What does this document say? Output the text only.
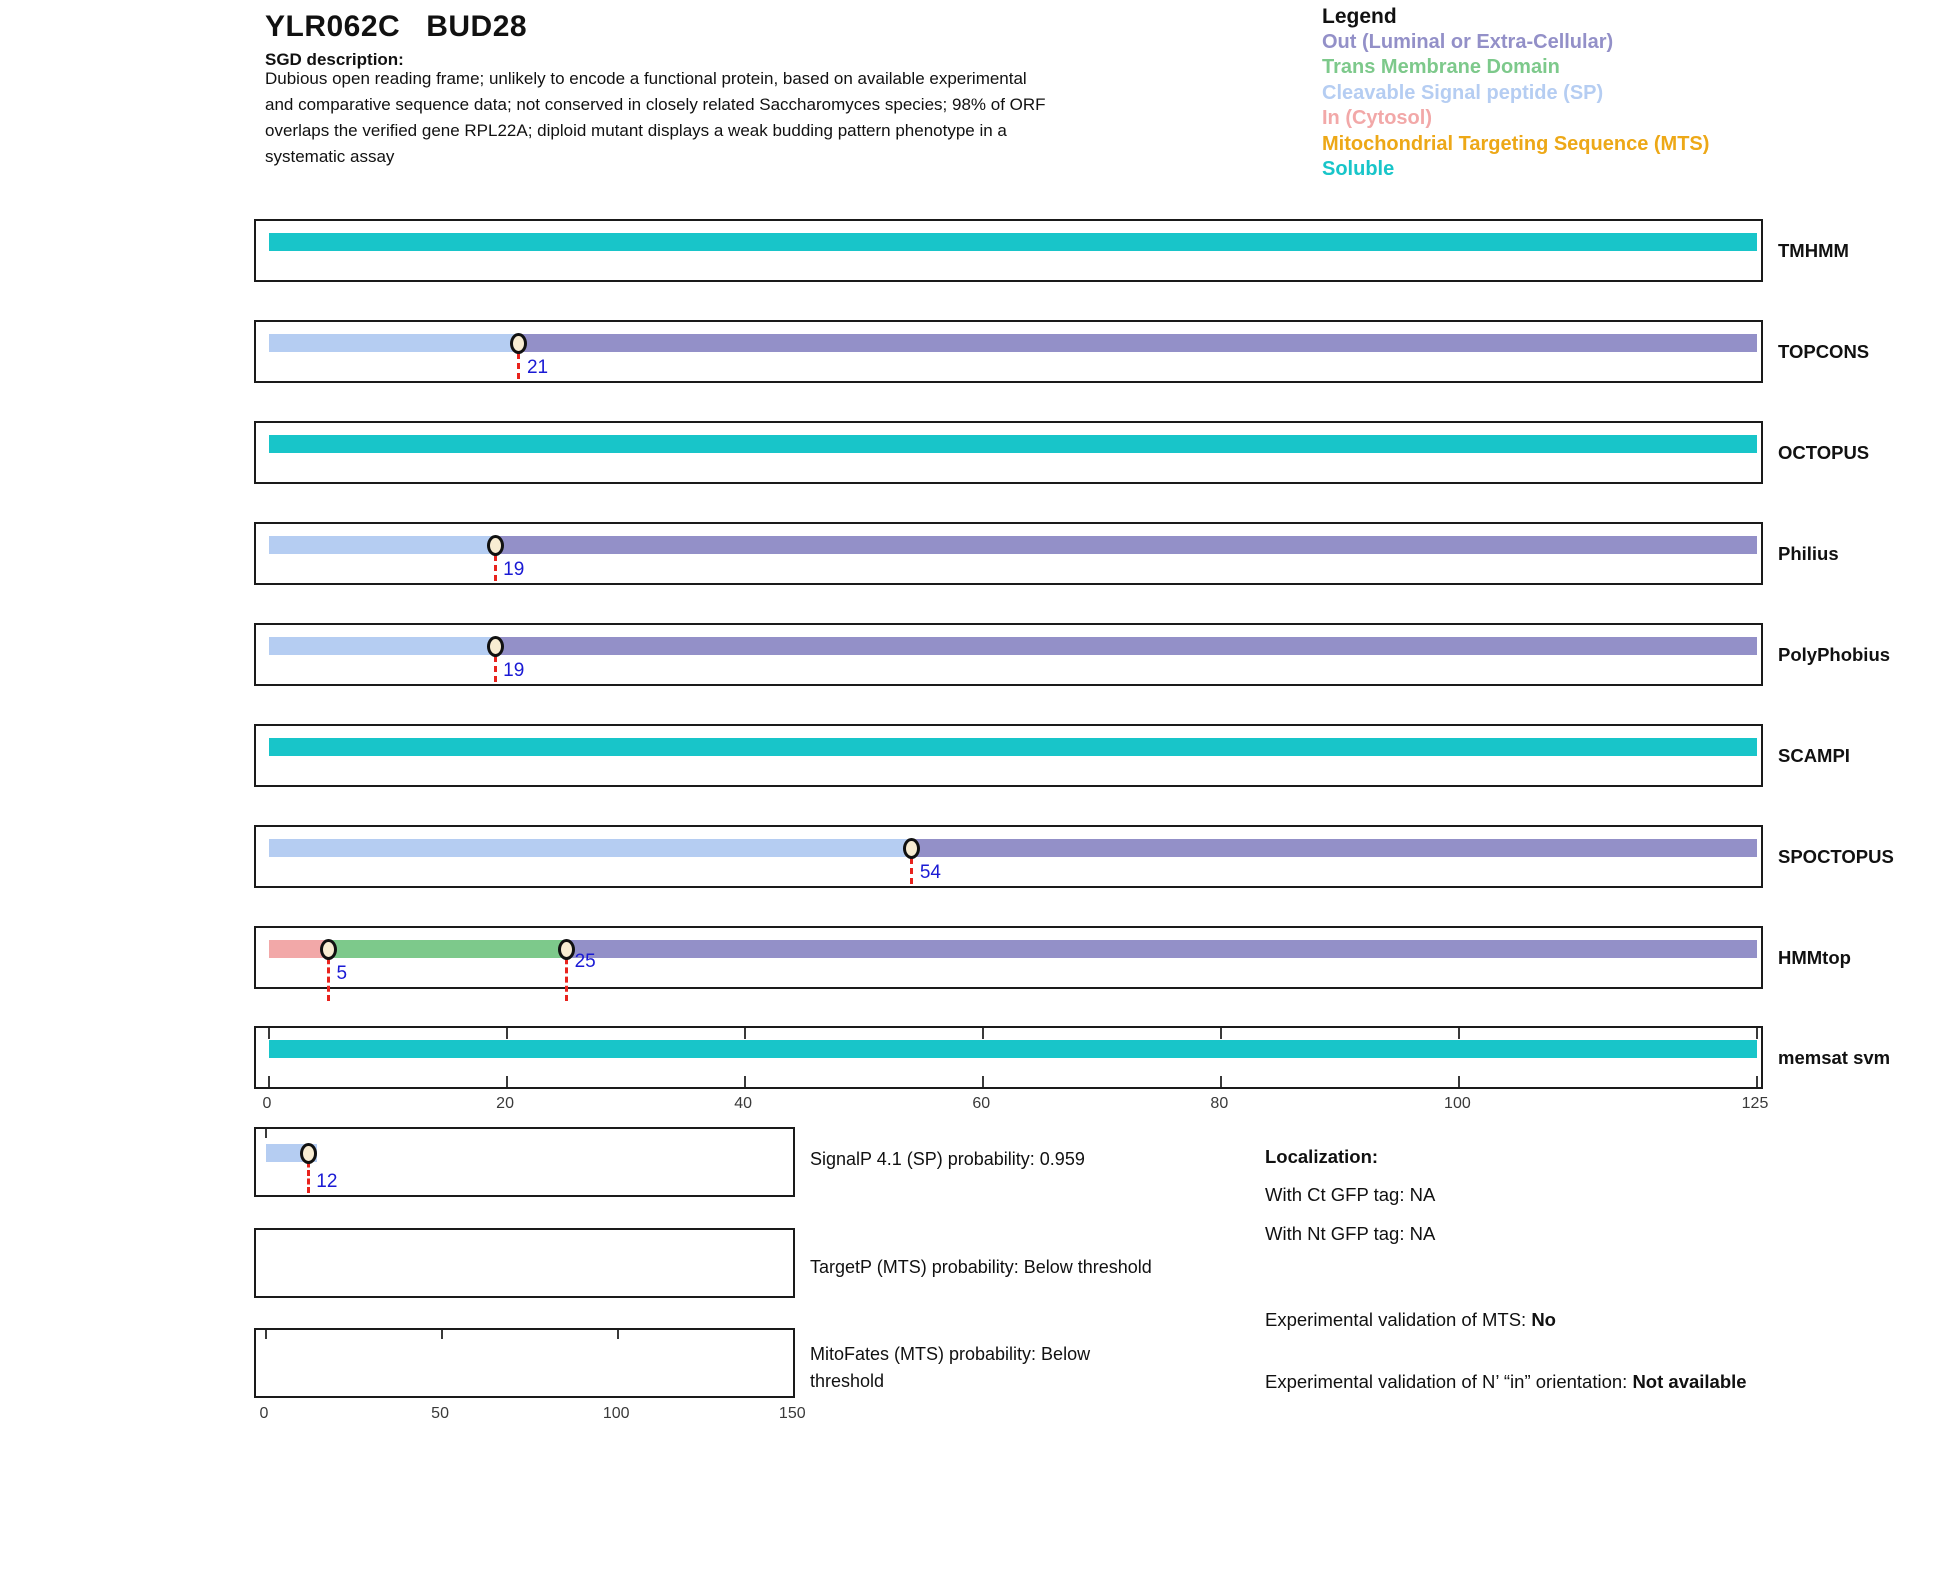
YLR062C BUD28
SGD description:
Dubious open reading frame; unlikely to encode a functional protein, based on available experimental and comparative sequence data; not conserved in closely related Saccharomyces species; 98% of ORF overlaps the verified gene RPL22A; diploid mutant displays a weak budding pattern phenotype in a systematic assay
Legend
Out (Luminal or Extra-Cellular)
Trans Membrane Domain
Cleavable Signal peptide (SP)
In (Cytosol)
Mitochondrial Targeting Sequence (MTS)
Soluble
TMHMM
21
TOPCONS
OCTOPUS
19
Philius
19
PolyPhobius
SCAMPI
54
SPOCTOPUS
5
25	HMMtop
memsat svm
0	20	40	60	80	100	125
12
0	50	100	150
SignalP 4.1 (SP) probability: 0.959
TargetP (MTS) probability: Below threshold
MitoFates (MTS) probability: Below threshold
Localization:
With Ct GFP tag: NA
With Nt GFP tag: NA
Experimental validation of MTS: No
Experimental validation of N’ “in” orientation: Not available
